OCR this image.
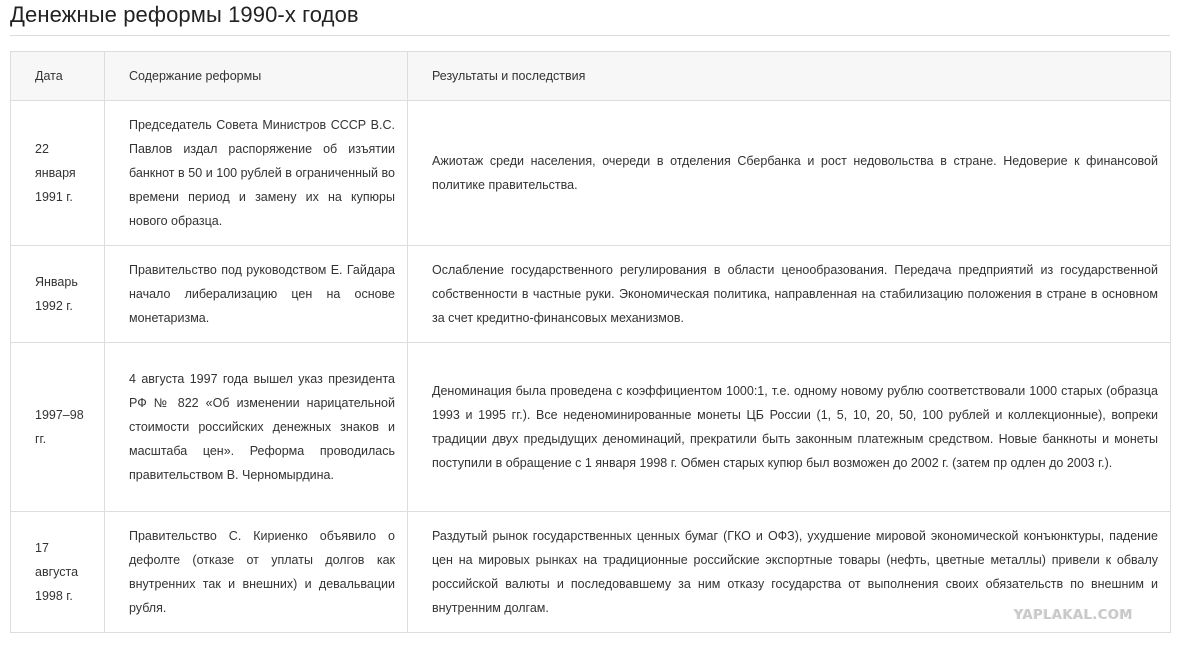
Денежные реформы 1990-х годов
Дата	Содержание реформы	Результаты и последствия
22 января 1991 г.	Председатель Совета Министров СССР В.С. Павлов издал распоряжение об изъятии банкнот в 50 и 100 рублей в ограниченный во времени период и замену их на купюры нового образца.	Ажиотаж среди населения, очереди в отделения Сбербанка и рост недовольства в стране. Недоверие к финансовой политике правительства.
Январь 1992 г.	Правительство под руководством Е. Гайдара начало либерализацию цен на основе монетаризма.	Ослабление государственного регулирования в области ценообразования. Передача предприятий из государственной собственности в частные руки. Экономическая политика, направленная на стабилизацию положения в стране в основном за счет кредитно-финансовых механизмов.
1997–98 гг.	4 августа 1997 года вышел указ президента РФ № 822 «Об изменении нарицательной стоимости российских денежных знаков и масштаба цен». Реформа проводилась правительством В. Черномырдина.	Деноминация была проведена с коэффициентом 1000:1, т.е. одному новому рублю соответствовали 1000 старых (образца 1993 и 1995 гг.). Все неденоминированные монеты ЦБ России (1, 5, 10, 20, 50, 100 рублей и коллекционные), вопреки традиции двух предыдущих деноминаций, прекратили быть законным платежным средством. Новые банкноты и монеты поступили в обращение с 1 января 1998 г. Обмен старых купюр был возможен до 2002 г. (затем пр одлен до 2003 г.).
17 августа 1998 г.	Правительство С. Кириенко объявило о дефолте (отказе от уплаты долгов как внутренних так и внешних) и девальвации рубля.	Раздутый рынок государственных ценных бумаг (ГКО и ОФЗ), ухудшение мировой экономической конъюнктуры, падение цен на мировых рынках на традиционные российские экспортные товары (нефть, цветные металлы) привели к обвалу российской валюты и последовавшему за ним отказу государства от выполнения своих обязательств по внешним и внутренним долгам.	YAPLAKAL.COM
